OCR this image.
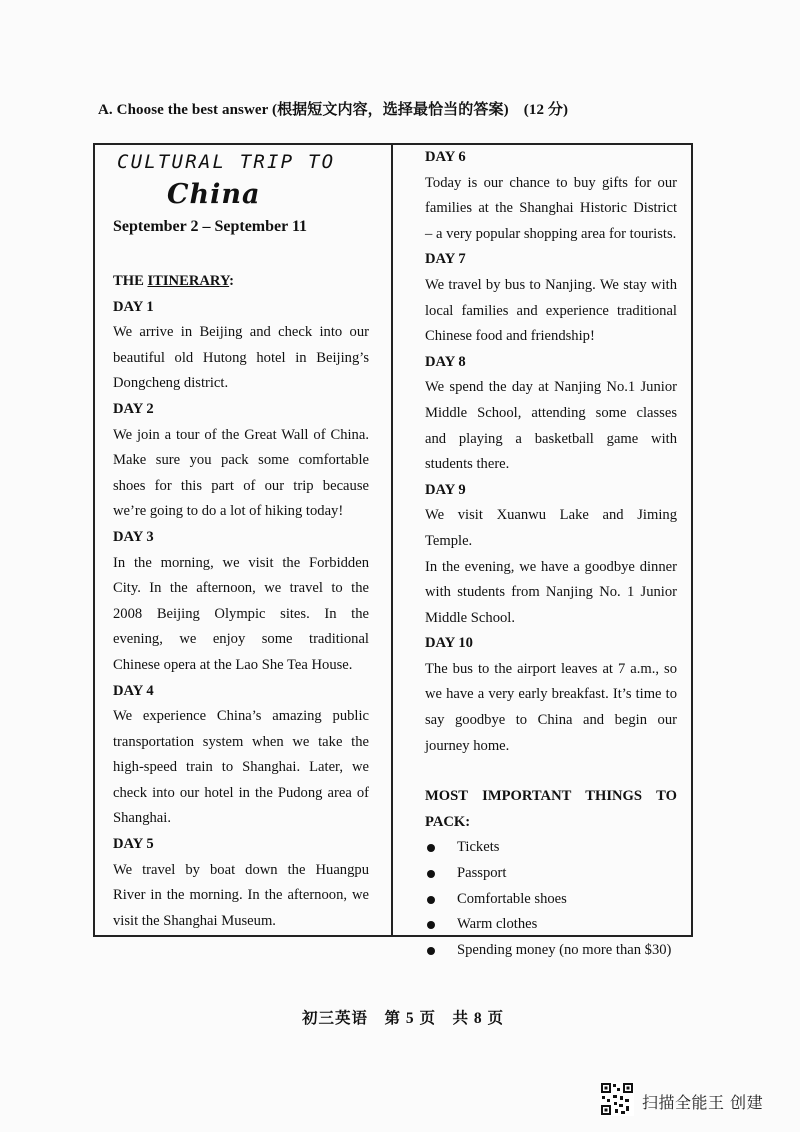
A. Choose the best answer (根据短文内容，选择最恰当的答案)　(12 分)
CULTURAL TRIP TO
China
September 2 – September 11
THE ITINERARY:
DAY 1
We arrive in Beijing and check into our
beautiful old Hutong hotel in Beijing’s
Dongcheng district.
DAY 2
We join a tour of the Great Wall of China.
Make sure you pack some comfortable
shoes for this part of our trip because
we’re going to do a lot of hiking today!
DAY 3
In the morning, we visit the Forbidden
City. In the afternoon, we travel to the
2008 Beijing Olympic sites. In the
evening, we enjoy some traditional
Chinese opera at the Lao She Tea House.
DAY 4
We experience China’s amazing public
transportation system when we take the
high-speed train to Shanghai. Later, we
check into our hotel in the Pudong area of
Shanghai.
DAY 5
We travel by boat down the Huangpu
River in the morning. In the afternoon, we
visit the Shanghai Museum.
DAY 6
Today is our chance to buy gifts for our
families at the Shanghai Historic District
– a very popular shopping area for tourists.
DAY 7
We travel by bus to Nanjing. We stay with
local families and experience traditional
Chinese food and friendship!
DAY 8
We spend the day at Nanjing No.1 Junior
Middle School, attending some classes
and playing a basketball game with
students there.
DAY 9
We visit Xuanwu Lake and Jiming Temple.
In the evening, we have a goodbye dinner
with students from Nanjing No. 1 Junior
Middle School.
DAY 10
The bus to the airport leaves at 7 a.m., so
we have a very early breakfast. It’s time to
say goodbye to China and begin our
journey home.
MOST IMPORTANT THINGS TO
PACK:
Tickets
Passport
Comfortable shoes
Warm clothes
Spending money (no more than $30)
初三英语　第 5 页　共 8 页
扫描全能王 创建
